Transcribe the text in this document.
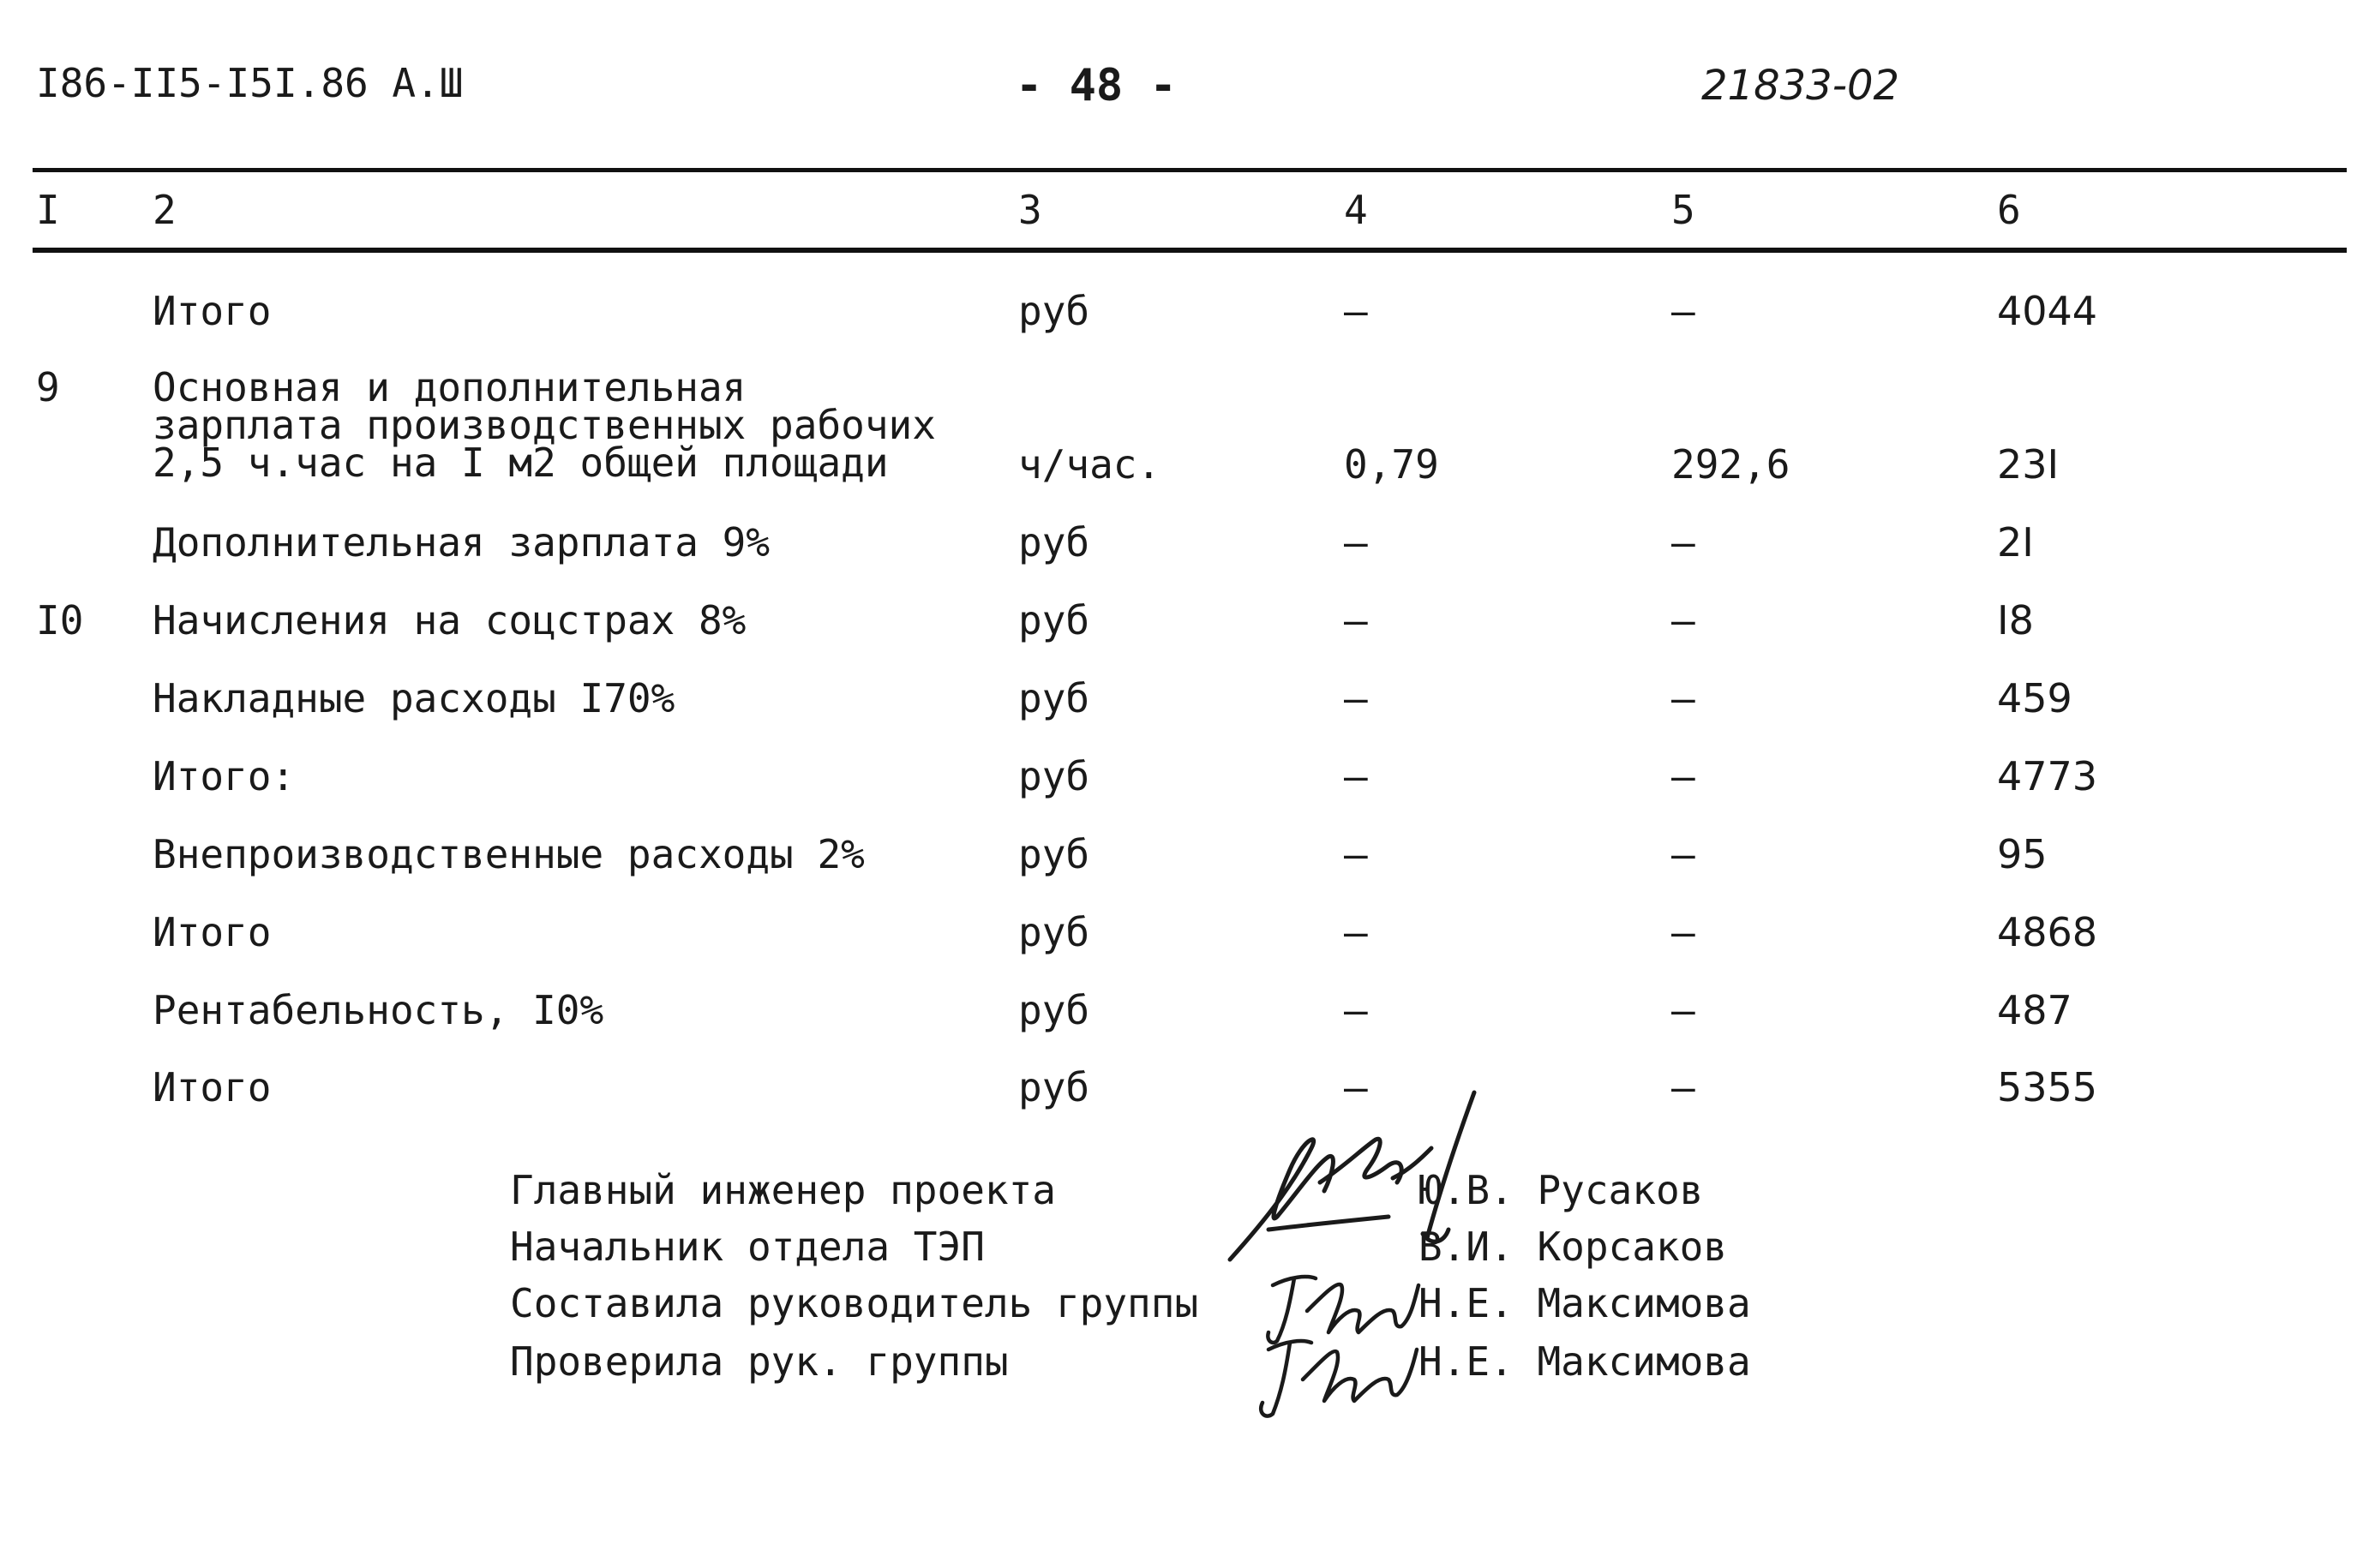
I86-II5-I5I.86 A.Ш	- 48 -	21833-02
I 2	3	4	5	6
Итого	руб	–	–	4044
9 Основная и дополнительная
зарплата производственных рабочих
2,5 ч.час на I м2 общей площади	ч/час.	0,79	292,6	23I
Дополнительная зарплата 9%	руб	–	–	2I
I0 Начисления на соцстрах 8%	руб	–	–	I8
Накладные расходы I70%	руб	–	–	459
Итого:	руб	–	–	4773
Внепроизводственные расходы 2%	руб	–	–	95
Итого	руб	–	–	4868
Рентабельность, I0%	руб	–	–	487
Итого	руб	–	–	5355
Главный инженер проекта	Ю.В. Русаков
Начальник отдела ТЭП	В.И. Корсаков
Составила руководитель группы	Н.Е. Максимова
Проверила рук. группы	Н.Е. Максимова
